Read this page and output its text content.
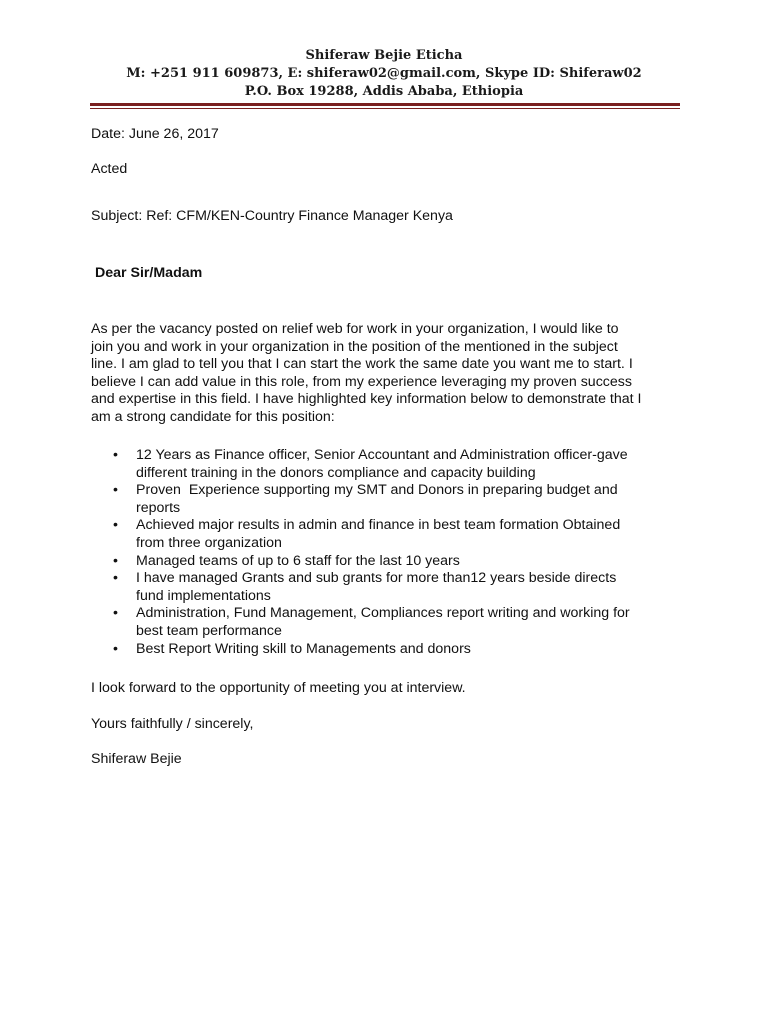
Shiferaw Bejie Eticha
M: +251 911 609873, E: shiferaw02@gmail.com, Skype ID: Shiferaw02
P.O. Box 19288, Addis Ababa, Ethiopia
Date: June 26, 2017
Acted
Subject: Ref: CFM/KEN-Country Finance Manager Kenya
Dear Sir/Madam

As per the vacancy posted on relief web for work in your organization, I would like to

join you and work in your organization in the position of the mentioned in the subject

line. I am glad to tell you that I can start the work the same date you want me to start. I

believe I can add value in this role, from my experience leveraging my proven success

and expertise in this field. I have highlighted key information below to demonstrate that I

am a strong candidate for this position:

• 12 Years as Finance officer, Senior Accountant and Administration officer-gave
different training in the donors compliance and capacity building
• Proven  Experience supporting my SMT and Donors in preparing budget and
reports
• Achieved major results in admin and finance in best team formation Obtained
from three organization
• Managed teams of up to 6 staff for the last 10 years
• I have managed Grants and sub grants for more than12 years beside directs
fund implementations
• Administration, Fund Management, Compliances report writing and working for
best team performance
• Best Report Writing skill to Managements and donors
I look forward to the opportunity of meeting you at interview.
Yours faithfully / sincerely,
Shiferaw Bejie
